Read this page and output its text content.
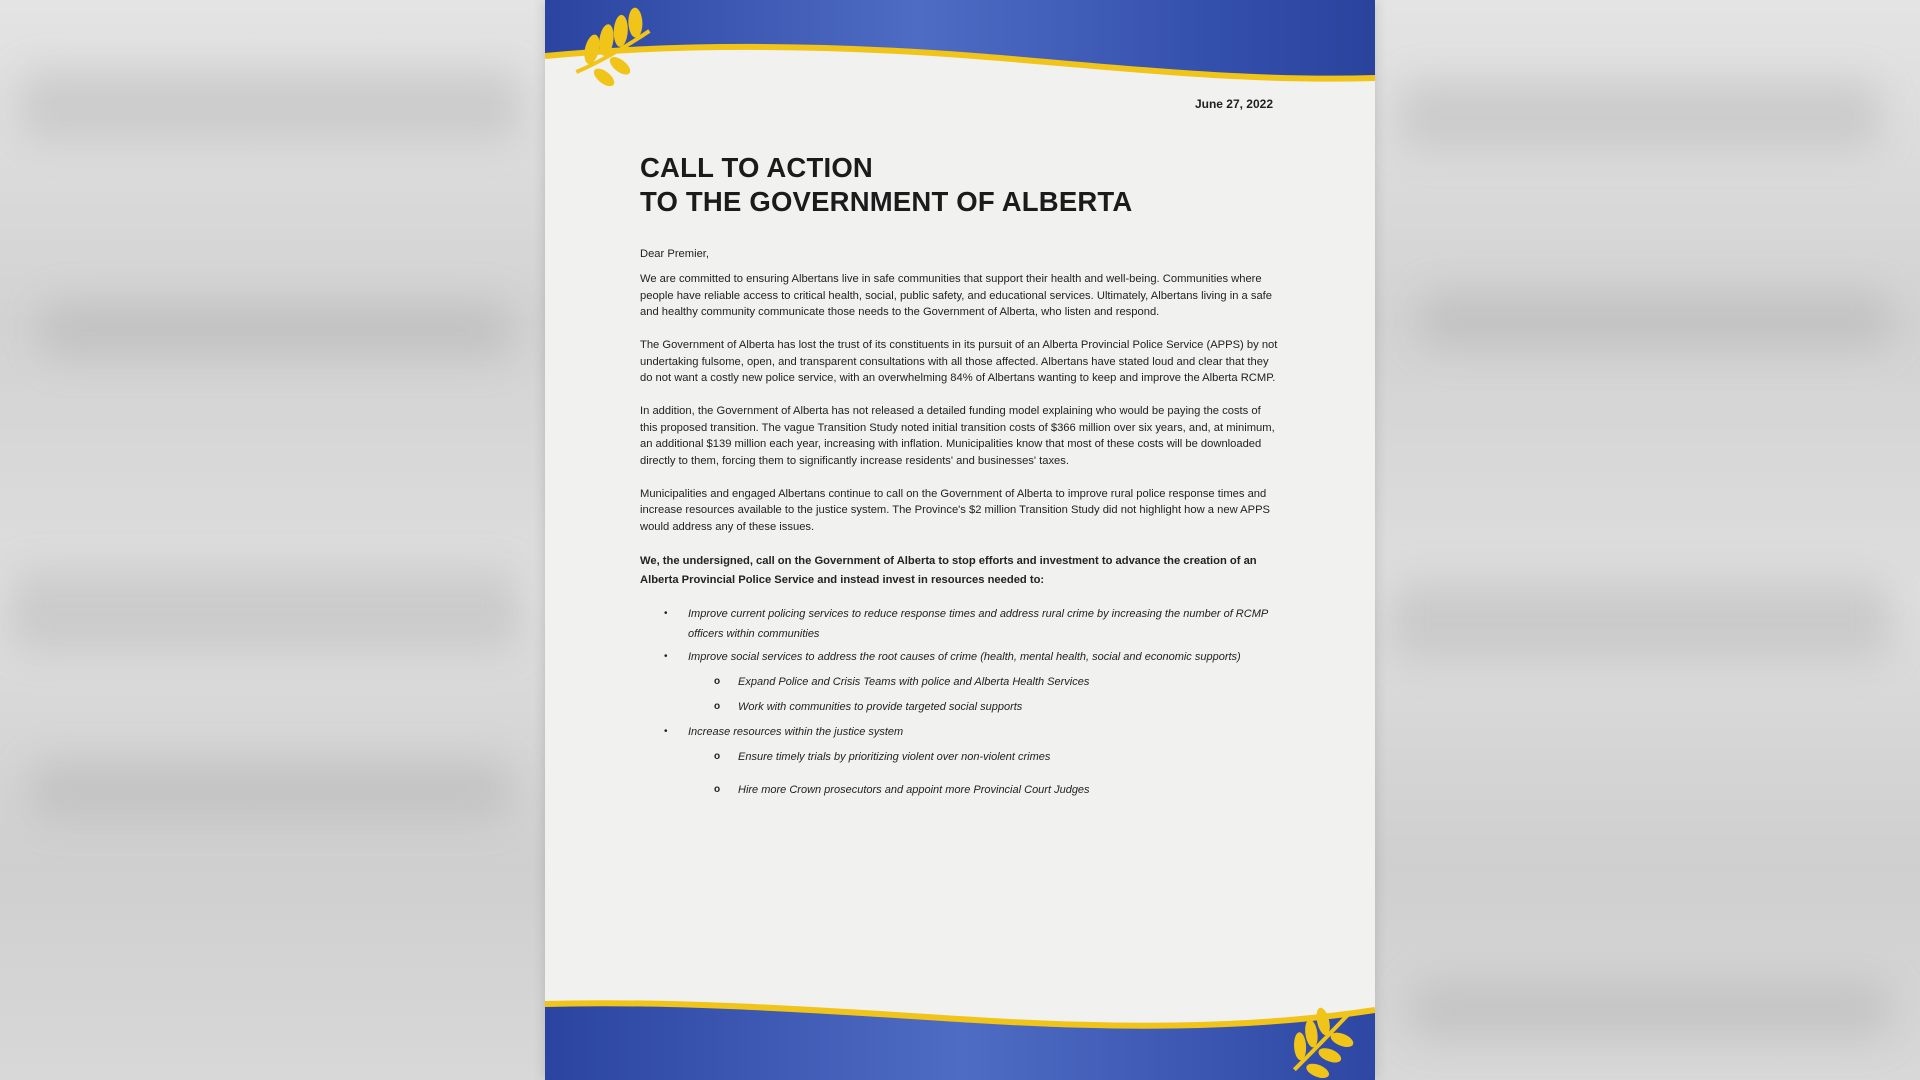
June 27, 2022

CALL TO ACTION
TO THE GOVERNMENT OF ALBERTA

Dear Premier,

We are committed to ensuring Albertans live in safe communities that support their health and well-being. Communities where people have reliable access to critical health, social, public safety, and educational services. Ultimately, Albertans living in a safe and healthy community communicate those needs to the Government of Alberta, who listen and respond.

The Government of Alberta has lost the trust of its constituents in its pursuit of an Alberta Provincial Police Service (APPS) by not undertaking fulsome, open, and transparent consultations with all those affected. Albertans have stated loud and clear that they do not want a costly new police service, with an overwhelming 84% of Albertans wanting to keep and improve the Alberta RCMP.

In addition, the Government of Alberta has not released a detailed funding model explaining who would be paying the costs of this proposed transition. The vague Transition Study noted initial transition costs of $366 million over six years, and, at minimum, an additional $139 million each year, increasing with inflation. Municipalities know that most of these costs will be downloaded directly to them, forcing them to significantly increase residents' and businesses' taxes.

Municipalities and engaged Albertans continue to call on the Government of Alberta to improve rural police response times and increase resources available to the justice system. The Province's $2 million Transition Study did not highlight how a new APPS would address any of these issues.

We, the undersigned, call on the Government of Alberta to stop efforts and investment to advance the creation of an Alberta Provincial Police Service and instead invest in resources needed to:

• Improve current policing services to reduce response times and address rural crime by increasing the number of RCMP officers within communities
• Improve social services to address the root causes of crime (health, mental health, social and economic supports)
o Expand Police and Crisis Teams with police and Alberta Health Services
o Work with communities to provide targeted social supports
• Increase resources within the justice system
o Ensure timely trials by prioritizing violent over non-violent crimes
o Hire more Crown prosecutors and appoint more Provincial Court Judges
